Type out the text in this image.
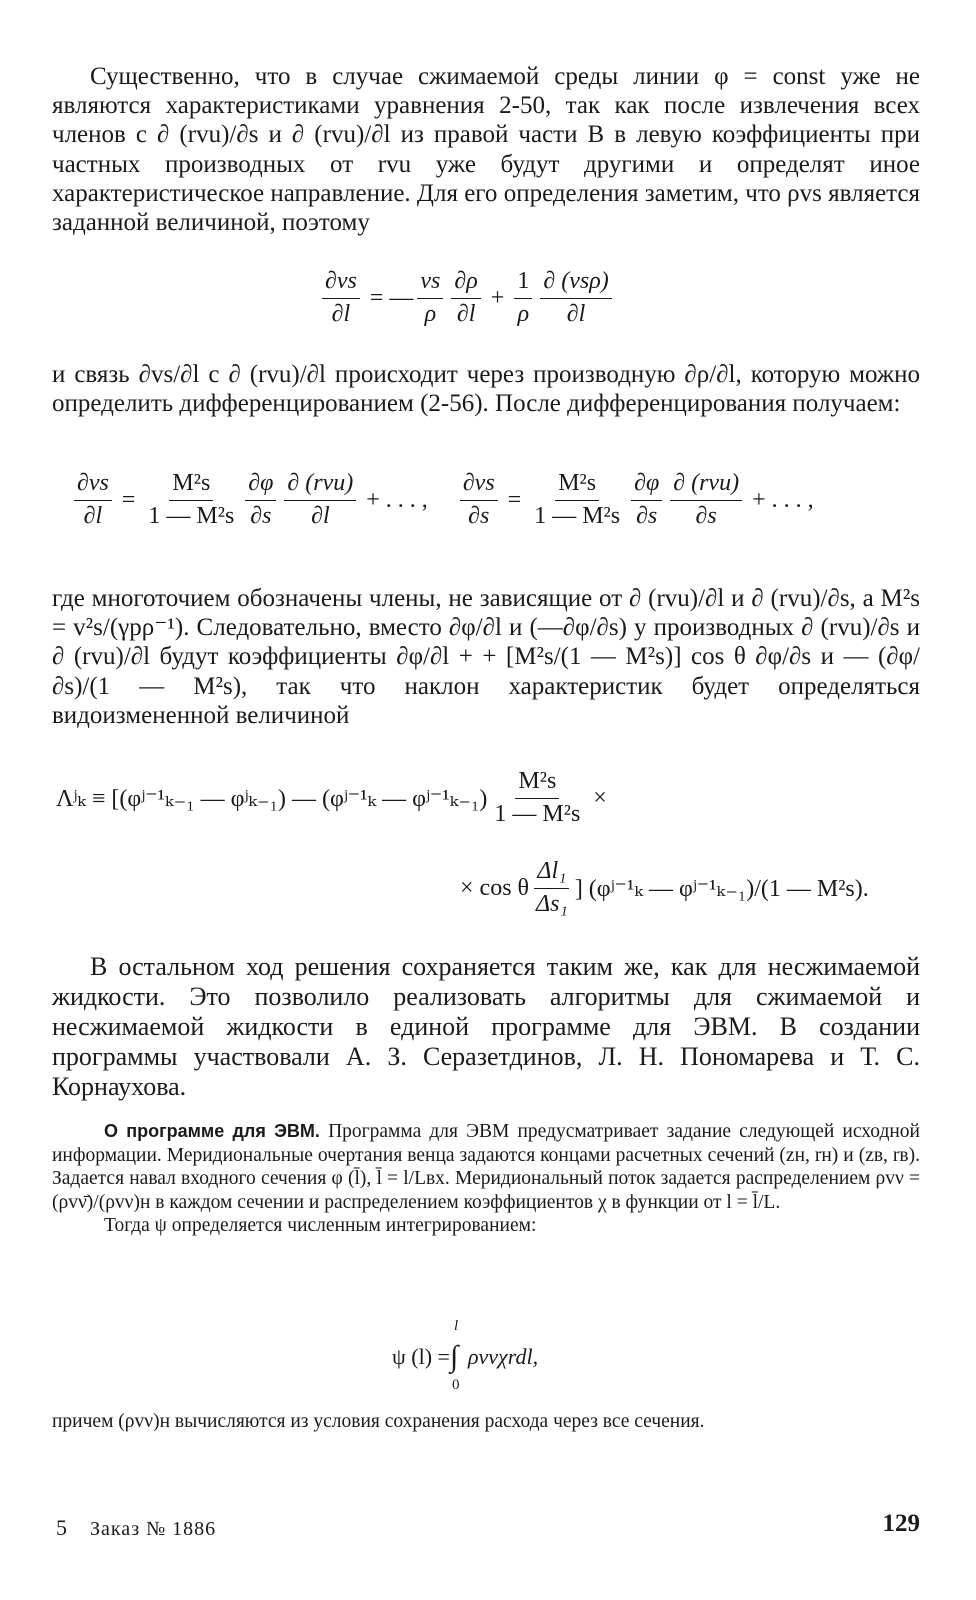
Существенно, что в случае сжимаемой среды линии φ = const уже не являются характеристиками уравнения 2-50, так как после извлечения всех членов с ∂ (rvu)/∂s и ∂ (rvu)/∂l из правой части B в левую коэффициенты при частных производных от rvu уже будут другими и определят иное характеристическое направление. Для его определения заметим, что ρvs является заданной величиной, поэтому

$\frac{\partial vs}{\partial l}$ = — $\frac{vs}{\rho} \frac{\partial\rho}{\partial l} + \frac{1}{\rho} \frac{\text{∂ (vsρ)}}{\partial l}$

и связь ∂vs/∂l с ∂ (rvu)/∂l происходит через производную ∂ρ/∂l, которую можно определить дифференцированием (2-56). После дифференцирования получаем:

$\frac{\partial vs}{\partial l} = \frac{\text{M²s}}{\text{1 — M²s}} \frac{\partial\varphi}{\partial s} \frac{\text{∂ (rvu)}}{\partial l}$ + . . . , $\frac{\partial vs}{\partial s} = \frac{\text{M²s}}{\text{1 — M²s}} \frac{\partial\varphi}{\partial s} \frac{\text{∂ (rvu)}}{\partial s}$ + . . . ,

где многоточием обозначены члены, не зависящие от ∂ (rvu)/∂l и ∂ (rvu)/∂s, а M²s = v²s/(γpρ⁻¹). Следовательно, вместо ∂φ/∂l и (—∂φ/∂s) у производных ∂ (rvu)/∂s и ∂ (rvu)/∂l будут коэффициенты ∂φ/∂l + + [M²s/(1 — M²s)] cos θ ∂φ/∂s и — (∂φ/∂s)/(1 — M²s), так что наклон характеристик будет определяться видоизмененной величиной

Λʲₖ ≡ [(φʲ⁻¹ₖ₋₁ — φʲₖ₋₁) — (φʲ⁻¹ₖ — φʲ⁻¹ₖ₋₁) $\frac{\text{M²s}}{\text{1 — M²s}}$ ×
× cos θ $\frac{\text{Δl₁}}{\text{Δs₁}}$ ] (φʲ⁻¹ₖ — φʲ⁻¹ₖ₋₁)/(1 — M²s).

В остальном ход решения сохраняется таким же, как для несжимаемой жидкости. Это позволило реализовать алгоритмы для сжимаемой и несжимаемой жидкости в единой программе для ЭВМ. В создании программы участвовали А. З. Серазетдинов, Л. Н. Пономарева и Т. С. Корнаухова.

О программе для ЭВМ. Программа для ЭВМ предусматривает задание следующей исходной информации. Меридиональные очертания венца задаются концами расчетных сечений (zн, rн) и (zв, rв). Задается навал входного сечения φ (l̄), l̄ = l/Lвх. Меридиональный поток задается распределением ρvν = (ρvν̄)/(ρvν)н в каждом сечении и распределением коэффициентов χ в функции от l = l̄/L.

Тогда ψ определяется численным интегрированием:

ψ (l) = ∫
l
0
ρvνχrdl,

причем (ρvν)н вычисляются из условия сохранения расхода через все сечения.

5 Заказ № 1886	129
